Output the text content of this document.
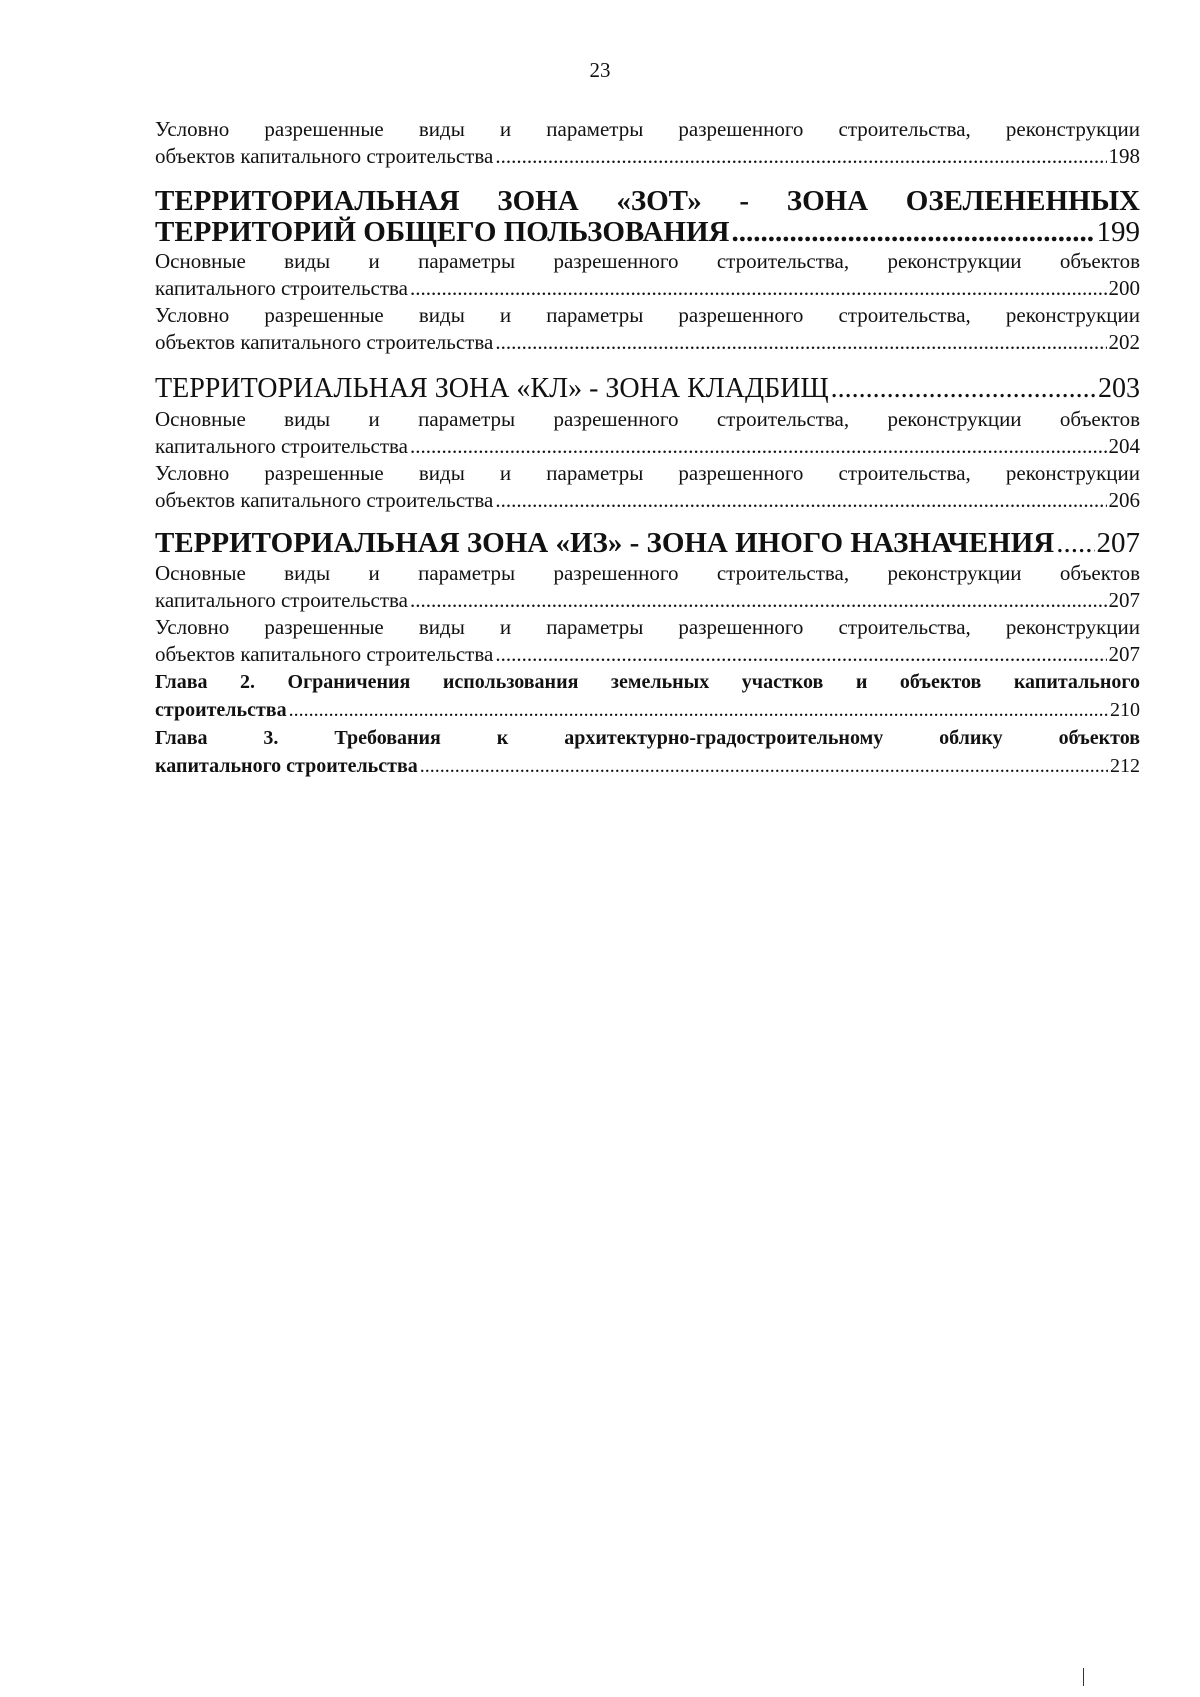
23
Условно разрешенные виды и параметры разрешенного строительства, реконструкции
объектов капитального строительства .....	198
ТЕРРИТОРИАЛЬНАЯ ЗОНА «ЗОТ» - ЗОНА ОЗЕЛЕНЕННЫХ
ТЕРРИТОРИЙ ОБЩЕГО ПОЛЬЗОВАНИЯ .....	199
Основные виды и параметры разрешенного строительства, реконструкции объектов
капитального строительства .....	200
Условно разрешенные виды и параметры разрешенного строительства, реконструкции
объектов капитального строительства .....	202
ТЕРРИТОРИАЛЬНАЯ ЗОНА «КЛ» - ЗОНА КЛАДБИЩ .....	203
Основные виды и параметры разрешенного строительства, реконструкции объектов
капитального строительства .....	204
Условно разрешенные виды и параметры разрешенного строительства, реконструкции
объектов капитального строительства .....	206
ТЕРРИТОРИАЛЬНАЯ ЗОНА «ИЗ» - ЗОНА ИНОГО НАЗНАЧЕНИЯ ..... 207
Основные виды и параметры разрешенного строительства, реконструкции объектов
капитального строительства .....	207
Условно разрешенные виды и параметры разрешенного строительства, реконструкции
объектов капитального строительства .....	207
Глава 2. Ограничения использования земельных участков и объектов капитального
строительства .....	210
Глава 3. Требования к архитектурно-градостроительному облику объектов
капитального строительства .....	212
